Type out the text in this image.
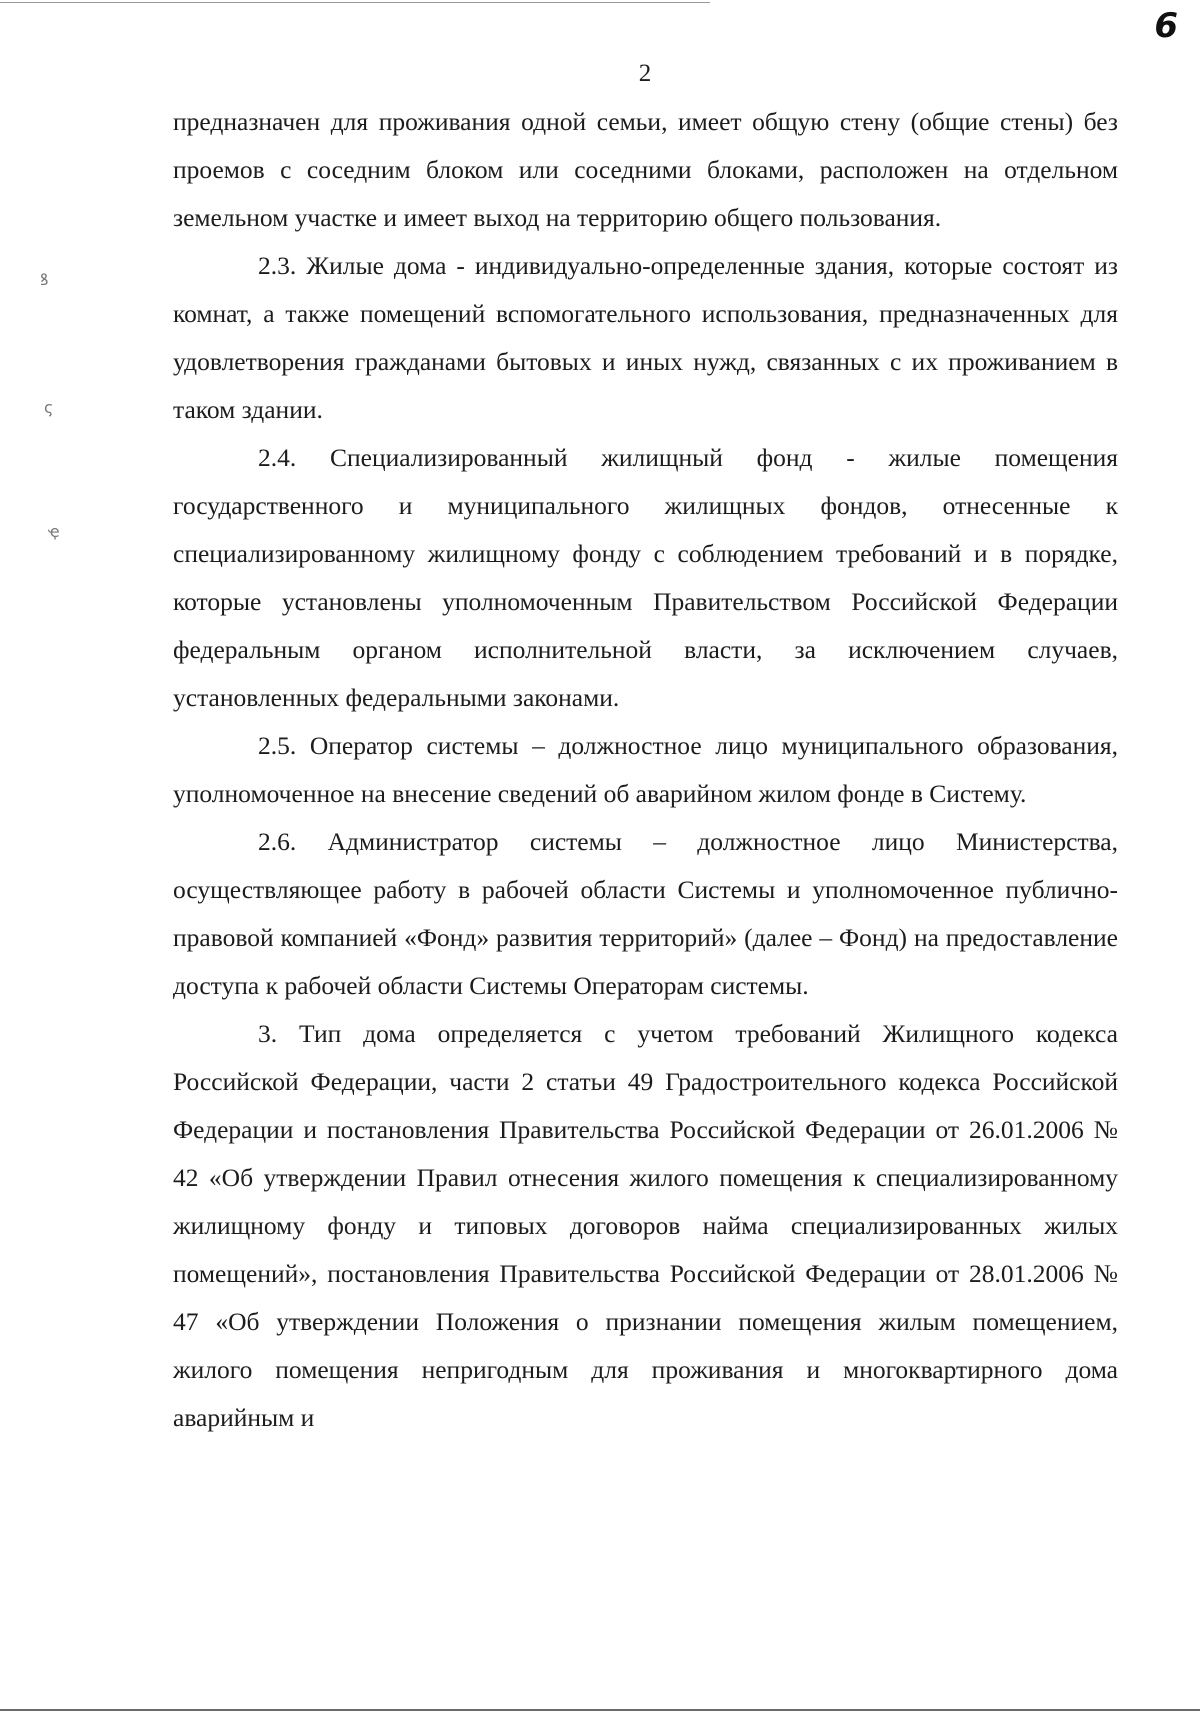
6
2

предназначен для проживания одной семьи, имеет общую стену (общие стены) без проемов с соседним блоком или соседними блоками, расположен на отдельном земельном участке и имеет выход на территорию общего пользования.

2.3. Жилые дома - индивидуально-определенные здания, которые состоят из комнат, а также помещений вспомогательного использования, предназначенных для удовлетворения гражданами бытовых и иных нужд, связанных с их проживанием в таком здании.

2.4. Специализированный жилищный фонд - жилые помещения государственного и муниципального жилищных фондов, отнесенные к специализированному жилищному фонду с соблюдением требований и в порядке, которые установлены уполномоченным Правительством Российской Федерации федеральным органом исполнительной власти, за исключением случаев, установленных федеральными законами.

2.5. Оператор системы – должностное лицо муниципального образования, уполномоченное на внесение сведений об аварийном жилом фонде в Систему.

2.6. Администратор системы – должностное лицо Министерства, осуществляющее работу в рабочей области Системы и уполномоченное публично-правовой компанией «Фонд» развития территорий» (далее – Фонд) на предоставление доступа к рабочей области Системы Операторам системы.

3. Тип дома определяется с учетом требований Жилищного кодекса Российской Федерации, части 2 статьи 49 Градостроительного кодекса Российской Федерации и постановления Правительства Российской Федерации от 26.01.2006 № 42 «Об утверждении Правил отнесения жилого помещения к специализированному жилищному фонду и типовых договоров найма специализированных жилых помещений», постановления Правительства Российской Федерации от 28.01.2006 № 47 «Об утверждении Положения о признании помещения жилым помещением, жилого помещения непригодным для проживания и многоквартирного дома аварийным и

ꝸ
ς
ҿ
